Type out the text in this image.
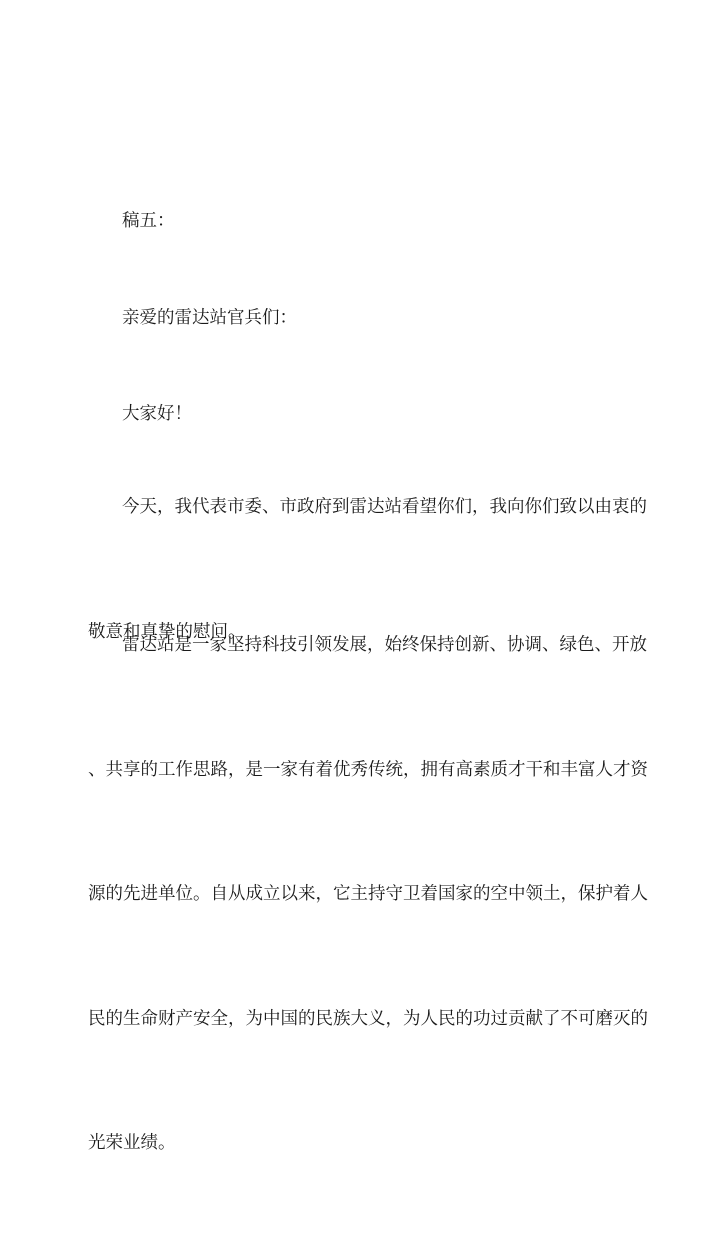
稿五：

亲爱的雷达站官兵们：

大家好！

今天，我代表市委、市政府到雷达站看望你们，我向你们致以由衷的

敬意和真挚的慰问。

雷达站是一家坚持科技引领发展，始终保持创新、协调、绿色、开放

、共享的工作思路，是一家有着优秀传统，拥有高素质才干和丰富人才资

源的先进单位。自从成立以来，它主持守卫着国家的空中领土，保护着人

民的生命财产安全，为中国的民族大义，为人民的功过贡献了不可磨灭的

光荣业绩。
